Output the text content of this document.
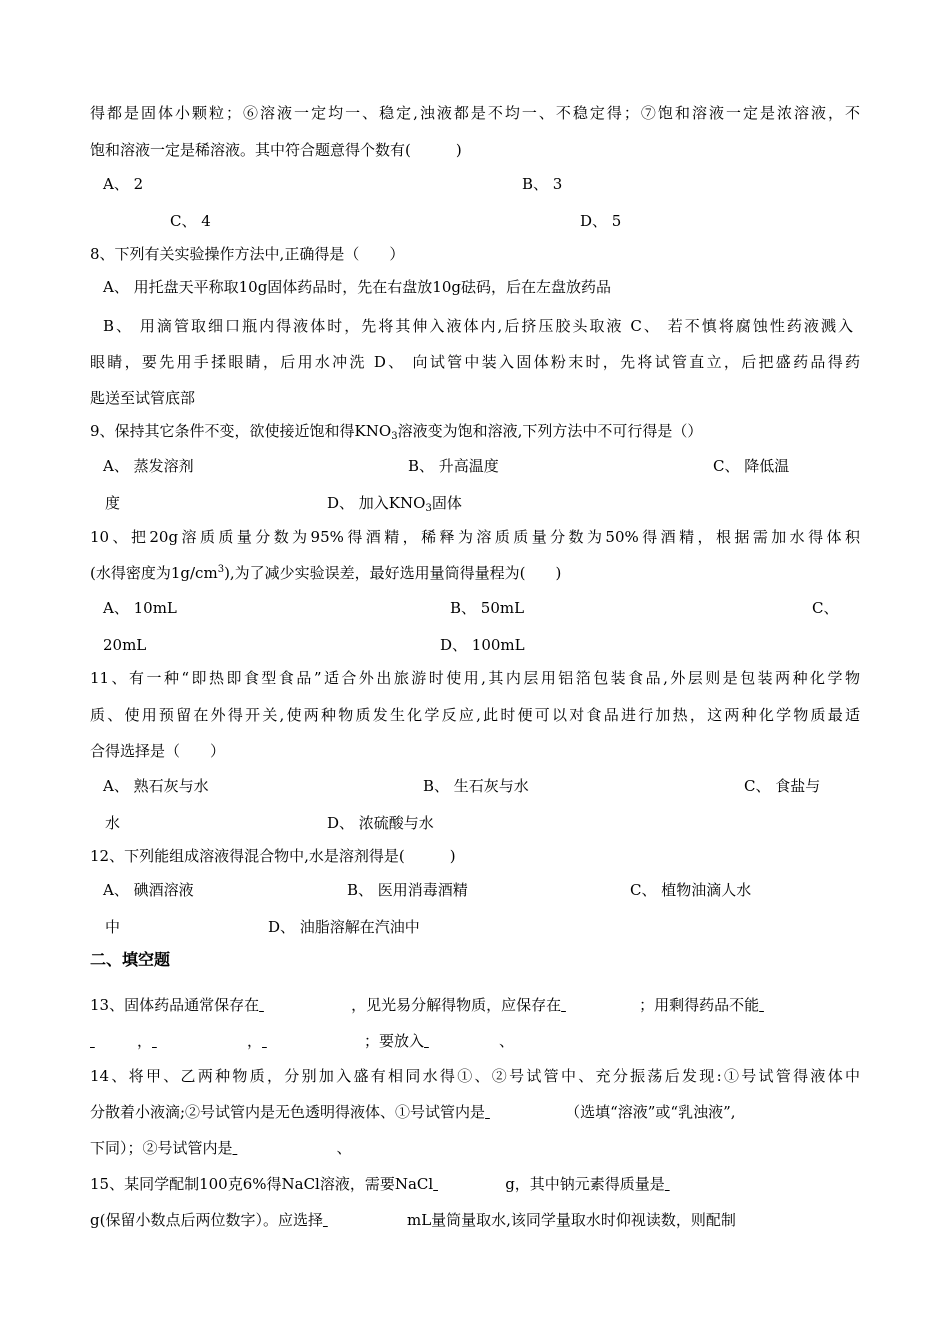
得都是固体小颗粒；⑥溶液一定均一、稳定,浊液都是不均一、不稳定得；⑦饱和溶液一定是浓溶液，不
饱和溶液一定是稀溶液。其中符合题意得个数有(　　　)
A、 2	B、 3
C、 4	D、 5
8、下列有关实验操作方法中,正确得是（　　）
A、 用托盘天平称取10g固体药品时，先在右盘放10g砝码，后在左盘放药品
B、 用滴管取细口瓶内得液体时，先将其伸入液体内,后挤压胶头取液 C、 若不慎将腐蚀性药液溅入
眼睛，要先用手揉眼睛，后用水冲洗 D、 向试管中装入固体粉末时，先将试管直立，后把盛药品得药
匙送至试管底部
9、保持其它条件不变，欲使接近饱和得$KNO_3$溶液变为饱和溶液,下列方法中不可行得是（）
A、 蒸发溶剂	B、 升高温度	C、 降低温
度	D、 加入$KNO_3$固体
10、把20g溶质质量分数为95%得酒精，稀释为溶质质量分数为50%得酒精，根据需加水得体积
(水得密度为$1g/cm^3$),为了减少实验误差，最好选用量筒得量程为(　　)
A、 10mL	B、 50mL	C、
20mL	D、 100mL
11、有一种“即热即食型食品”适合外出旅游时使用,其内层用铝箔包装食品,外层则是包装两种化学物
质、使用预留在外得开关,使两种物质发生化学反应,此时便可以对食品进行加热，这两种化学物质最适
合得选择是（　　）
A、 熟石灰与水	B、 生石灰与水	C、 食盐与
水	D、 浓硫酸与水
12、下列能组成溶液得混合物中,水是溶剂得是(　　　)
A、 碘酒溶液	B、 医用消毒酒精	C、 植物油滴人水
中	D、 油脂溶解在汽油中
二、填空题
13、固体药品通常保存在	，见光易分解得物质，应保存在	；用剩得药品不能
，	，	；要放入	、
14、将甲、乙两种物质，分别加入盛有相同水得①、②号试管中、充分振荡后发现:①号试管得液体中
分散着小液滴;②号试管内是无色透明得液体、①号试管内是	（选填“溶液”或“乳浊液”,
下同）；②号试管内是	、
15、某同学配制100克6%得NaCl溶液，需要NaCl	g，其中钠元素得质量是
g(保留小数点后两位数字）。应选择	mL量筒量取水,该同学量取水时仰视读数，则配制
